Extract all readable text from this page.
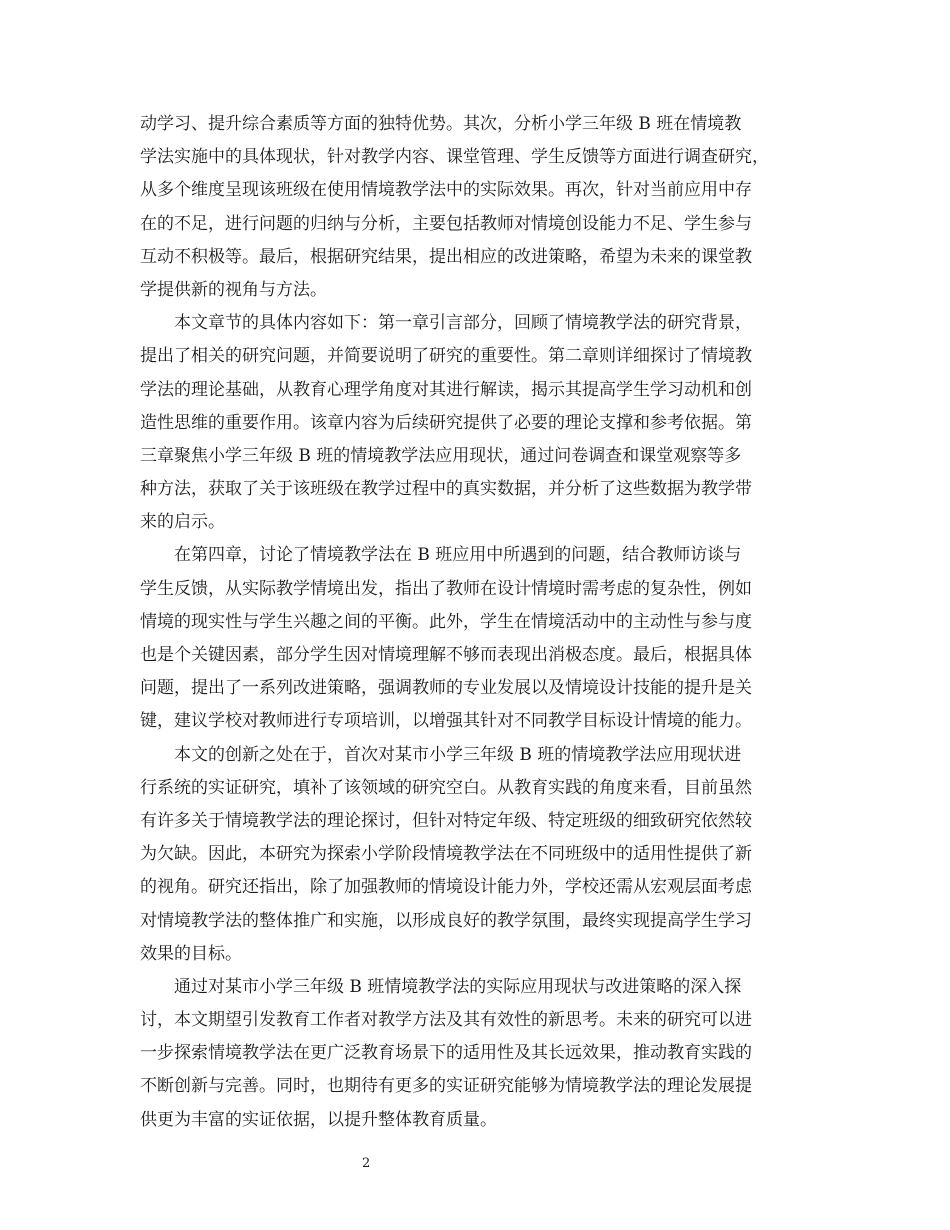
动学习、提升综合素质等方面的独特优势。其次，分析小学三年级 B 班在情境教
学法实施中的具体现状，针对教学内容、课堂管理、学生反馈等方面进行调查研究，
从多个维度呈现该班级在使用情境教学法中的实际效果。再次，针对当前应用中存
在的不足，进行问题的归纳与分析，主要包括教师对情境创设能力不足、学生参与
互动不积极等。最后，根据研究结果，提出相应的改进策略，希望为未来的课堂教
学提供新的视角与方法。
本文章节的具体内容如下：第一章引言部分，回顾了情境教学法的研究背景，
提出了相关的研究问题，并简要说明了研究的重要性。第二章则详细探讨了情境教
学法的理论基础，从教育心理学角度对其进行解读，揭示其提高学生学习动机和创
造性思维的重要作用。该章内容为后续研究提供了必要的理论支撑和参考依据。第
三章聚焦小学三年级 B 班的情境教学法应用现状，通过问卷调查和课堂观察等多
种方法，获取了关于该班级在教学过程中的真实数据，并分析了这些数据为教学带
来的启示。
在第四章，讨论了情境教学法在 B 班应用中所遇到的问题，结合教师访谈与
学生反馈，从实际教学情境出发，指出了教师在设计情境时需考虑的复杂性，例如
情境的现实性与学生兴趣之间的平衡。此外，学生在情境活动中的主动性与参与度
也是个关键因素，部分学生因对情境理解不够而表现出消极态度。最后，根据具体
问题，提出了一系列改进策略，强调教师的专业发展以及情境设计技能的提升是关
键，建议学校对教师进行专项培训，以增强其针对不同教学目标设计情境的能力。
本文的创新之处在于，首次对某市小学三年级 B 班的情境教学法应用现状进
行系统的实证研究，填补了该领域的研究空白。从教育实践的角度来看，目前虽然
有许多关于情境教学法的理论探讨，但针对特定年级、特定班级的细致研究依然较
为欠缺。因此，本研究为探索小学阶段情境教学法在不同班级中的适用性提供了新
的视角。研究还指出，除了加强教师的情境设计能力外，学校还需从宏观层面考虑
对情境教学法的整体推广和实施，以形成良好的教学氛围，最终实现提高学生学习
效果的目标。
通过对某市小学三年级 B 班情境教学法的实际应用现状与改进策略的深入探
讨，本文期望引发教育工作者对教学方法及其有效性的新思考。未来的研究可以进
一步探索情境教学法在更广泛教育场景下的适用性及其长远效果，推动教育实践的
不断创新与完善。同时，也期待有更多的实证研究能够为情境教学法的理论发展提
供更为丰富的实证依据，以提升整体教育质量。
2
